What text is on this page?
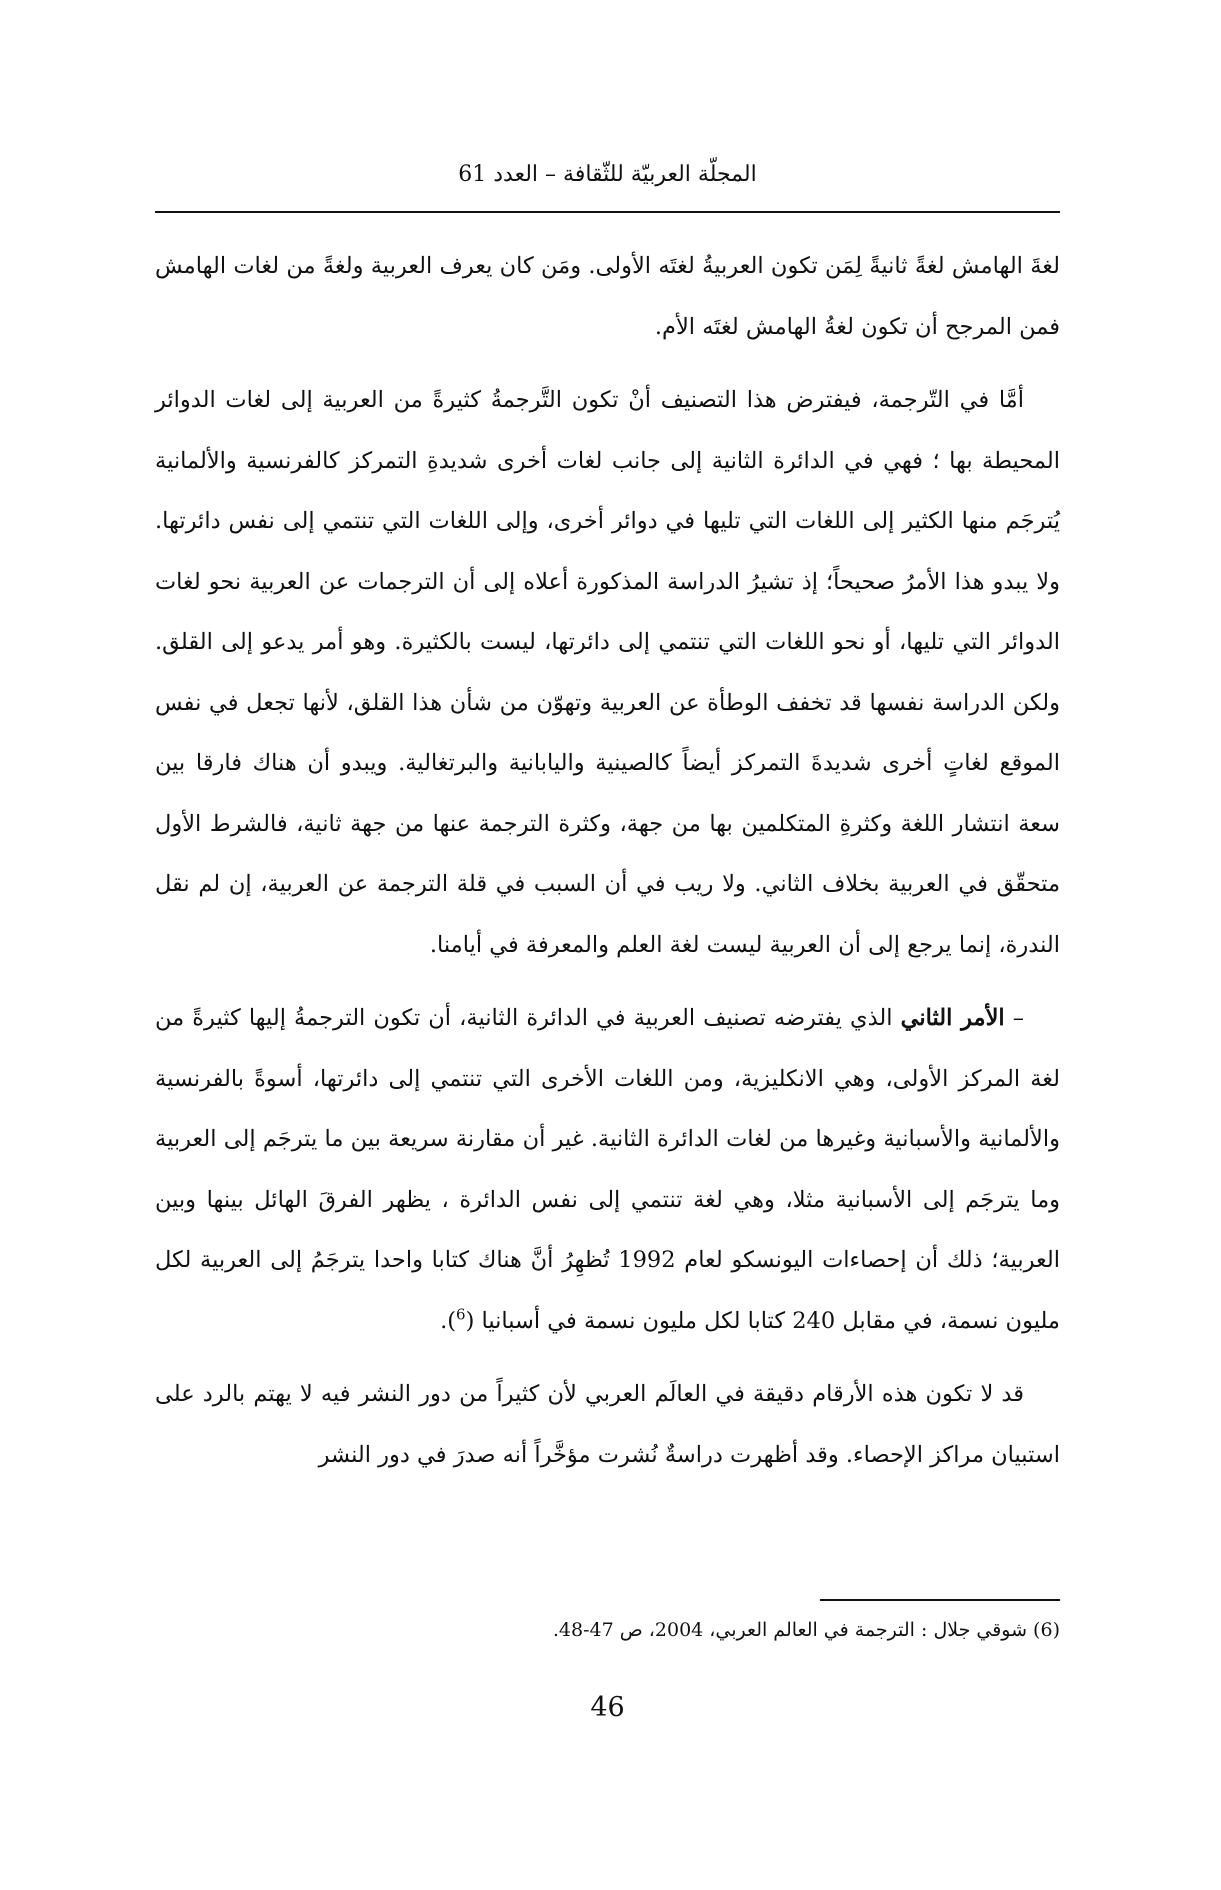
المجلّة العربيّة للثّقافة – العدد 61

لغةَ الهامش لغةً ثانيةً لِمَن تكون العربيةُ لغتَه الأولى. ومَن كان يعرف العربية ولغةً من لغات الهامش فمن المرجح أن تكون لغةُ الهامش لغتَه الأم.

أمَّا في التّرجمة، فيفترض هذا التصنيف أنْ تكون التَّرجمةُ كثيرةً من العربية إلى لغات الدوائر المحيطة بها ؛ فهي في الدائرة الثانية إلى جانب لغات أخرى شديدةِ التمركز كالفرنسية والألمانية يُترجَم منها الكثير إلى اللغات التي تليها في دوائر أخرى، وإلى اللغات التي تنتمي إلى نفس دائرتها. ولا يبدو هذا الأمرُ صحيحاً؛ إذ تشيرُ الدراسة المذكورة أعلاه إلى أن الترجمات عن العربية نحو لغات الدوائر التي تليها، أو نحو اللغات التي تنتمي إلى دائرتها، ليست بالكثيرة. وهو أمر يدعو إلى القلق. ولكن الدراسة نفسها قد تخفف الوطأة عن العربية وتهوّن من شأن هذا القلق، لأنها تجعل في نفس الموقع لغاتٍ أخرى شديدةَ التمركز أيضاً كالصينية واليابانية والبرتغالية. ويبدو أن هناك فارقا بين سعة انتشار اللغة وكثرةِ المتكلمين بها من جهة، وكثرة الترجمة عنها من جهة ثانية، فالشرط الأول متحقّق في العربية بخلاف الثاني. ولا ريب في أن السبب في قلة الترجمة عن العربية، إن لم نقل الندرة، إنما يرجع إلى أن العربية ليست لغة العلم والمعرفة في أيامنا.

– الأمر الثاني الذي يفترضه تصنيف العربية في الدائرة الثانية، أن تكون الترجمةُ إليها كثيرةً من لغة المركز الأولى، وهي الانكليزية، ومن اللغات الأخرى التي تنتمي إلى دائرتها، أسوةً بالفرنسية والألمانية والأسبانية وغيرها من لغات الدائرة الثانية. غير أن مقارنة سريعة بين ما يترجَم إلى العربية وما يترجَم إلى الأسبانية مثلا، وهي لغة تنتمي إلى نفس الدائرة ، يظهر الفرقَ الهائل بينها وبين العربية؛ ذلك أن إحصاءات اليونسكو لعام 1992 تُظهِرُ أنَّ هناك كتابا واحدا يترجَمُ إلى العربية لكل مليون نسمة، في مقابل 240 كتابا لكل مليون نسمة في أسبانيا ($^6$).

قد لا تكون هذه الأرقام دقيقة في العالَم العربي لأن كثيراً من دور النشر فيه لا يهتم بالرد على استبيان مراكز الإحصاء. وقد أظهرت دراسةٌ نُشرت مؤخَّراً أنه صدرَ في دور النشر

(6) شوقي جلال : الترجمة في العالم العربي، 2004، ص 47-48.
46
